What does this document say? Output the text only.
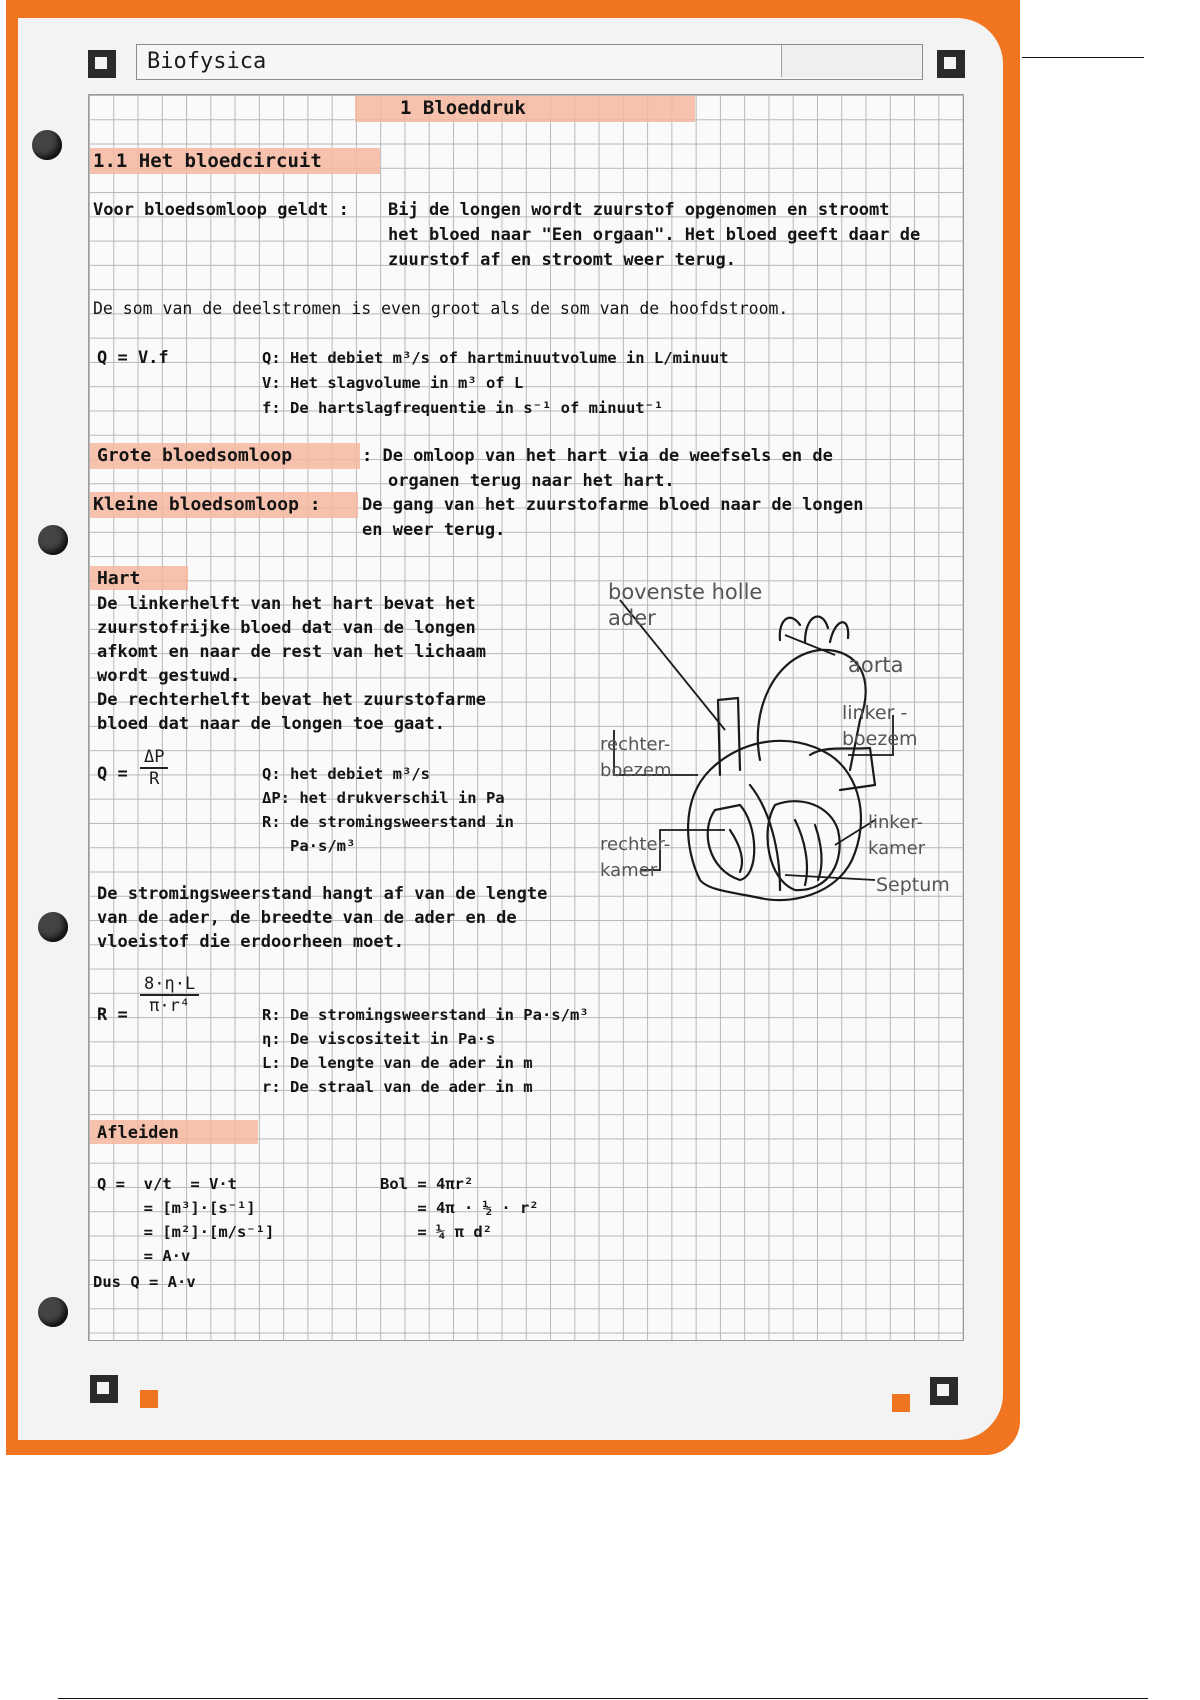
Biofysica
1 Bloeddruk
1.1 Het bloedcircuit
Voor bloedsomloop geldt : Bij de longen wordt zuurstof opgenomen en stroomt
het bloed naar "Een orgaan". Het bloed geeft daar de
zuurstof af en stroomt weer terug.
De som van de deelstromen is even groot als de som van de hoofdstroom.
Q = V.f	Q: Het debiet m³/s of hartminuutvolume in L/minuut
V: Het slagvolume in m³ of L
f: De hartslagfrequentie in s⁻¹ of minuut⁻¹
Grote bloedsomloop	: De omloop van het hart via de weefsels en de
organen terug naar het hart.
Kleine bloedsomloop : De gang van het zuurstofarme bloed naar de longen
en weer terug.
Hart
De linkerhelft van het hart bevat het
zuurstofrijke bloed dat van de longen
afkomt en naar de rest van het lichaam
wordt gestuwd.
De rechterhelft bevat het zuurstofarme
bloed dat naar de longen toe gaat.
bovenste holle
ader
aorta
linker -
boezem
rechter-
boezem
rechter-
kamer
linker-
kamer
Septum
$Q = \frac{\Delta P}{R}$	Q: het debiet m³/s
ΔP: het drukverschil in Pa
R: de stromingsweerstand in
Pa·s/m³
De stromingsweerstand hangt af van de lengte
van de ader, de breedte van de ader en de
vloeistof die erdoorheen moet.
$R = \frac{8\cdot\eta\cdot L}{\text{π·r⁴}}$	R: De stromingsweerstand in Pa·s/m³
η: De viscositeit in Pa·s
L: De lengte van de ader in m
r: De straal van de ader in m
Afleiden
Q =  v/t  = V·t
= [m³]·[s⁻¹]
= [m²]·[m/s⁻¹]
= A·v
Dus Q = A·v
Bol = 4πr²
= 4π · ½ · r²
= ¼ π d²
